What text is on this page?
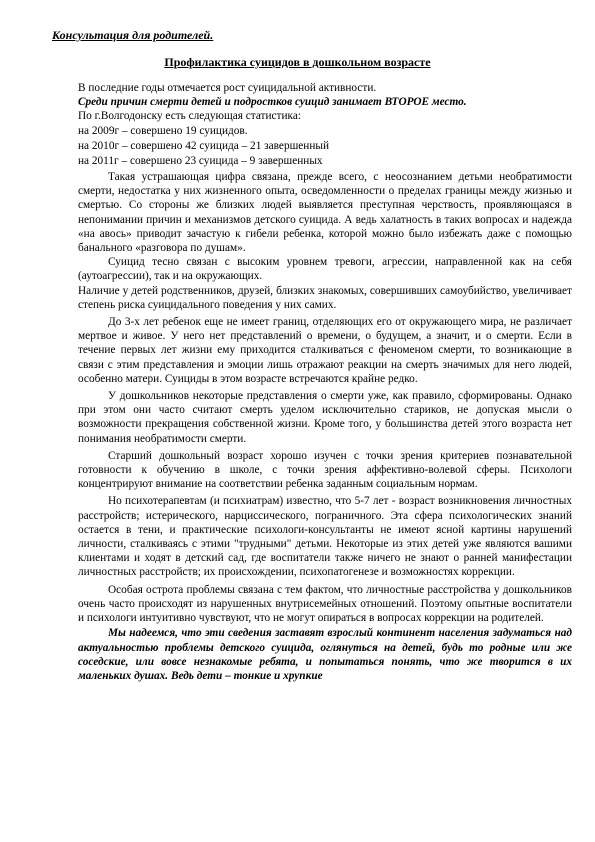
Консультация для родителей.
Профилактика суицидов в дошкольном возрасте
В последние годы отмечается рост суицидальной активности.
Среди причин смерти детей и подростков суицид занимает ВТОРОЕ место.
По г.Волгодонску есть следующая статистика:
на 2009г – совершено 19 суицидов.
на 2010г – совершено 42 суицида – 21 завершенный
на 2011г – совершено 23 суицида – 9 завершенных

Такая устрашающая цифра связана, прежде всего, с неосознанием детьми необратимости смерти, недостатка у них жизненного опыта, осведомленности о пределах границы между жизнью и смертью. Со стороны же близких людей выявляется преступная черствость, проявляющаяся в непонимании причин и механизмов детского суицида. А ведь халатность в таких вопросах и надежда «на авось» приводит зачастую к гибели ребенка, которой можно было избежать даже с помощью банального «разговора по душам».

Суицид тесно связан с высоким уровнем тревоги, агрессии, направленной как на себя (аутоагрессии), так и на окружающих.

Наличие у детей родственников, друзей, близких знакомых, совершивших самоубийство, увеличивает степень риска суицидального поведения у них самих.

До 3-х лет ребенок еще не имеет границ, отделяющих его от окружающего мира, не различает мертвое и живое. У него нет представлений о времени, о будущем, а значит, и о смерти. Если в течение первых лет жизни ему приходится сталкиваться с феноменом смерти, то возникающие в связи с этим представления и эмоции лишь отражают реакции на смерть значимых для него людей, особенно матери. Суициды в этом возрасте встречаются крайне редко.

У дошкольников некоторые представления о смерти уже, как правило, сформированы. Однако при этом они часто считают смерть уделом исключительно стариков, не допуская мысли о возможности прекращения собственной жизни. Кроме того, у большинства детей этого возраста нет понимания необратимости смерти.

Старший дошкольный возраст хорошо изучен с точки зрения критериев познавательной готовности к обучению в школе, с точки зрения аффективно-волевой сферы. Психологи концентрируют внимание на соответствии ребенка заданным социальным нормам.

Но психотерапевтам (и психиатрам) известно, что 5-7 лет - возраст возникновения личностных расстройств; истерического, нарциссического, пограничного. Эта сфера психологических знаний остается в тени, и практические психологи-консультанты не имеют ясной картины нарушений личности, сталкиваясь с этими "трудными" детьми. Некоторые из этих детей уже являются вашими клиентами и ходят в детский сад, где воспитатели также ничего не знают о ранней манифестации личностных расстройств; их происхождении, психопатогенезе и возможностях коррекции.

Особая острота проблемы связана с тем фактом, что личностные расстройства у дошкольников очень часто происходят из нарушенных внутрисемейных отношений. Поэтому опытные воспитатели и психологи интуитивно чувствуют, что не могут опираться в вопросах коррекции на родителей.

Мы надеемся, что эти сведения заставят взрослый континент населения задуматься над актуальностью проблемы детского суицида, оглянуться на детей, будь то родные или же соседские, или вовсе незнакомые ребята, и попытаться понять, что же творится в их маленьких душах. Ведь дети – тонкие и хрупкие
